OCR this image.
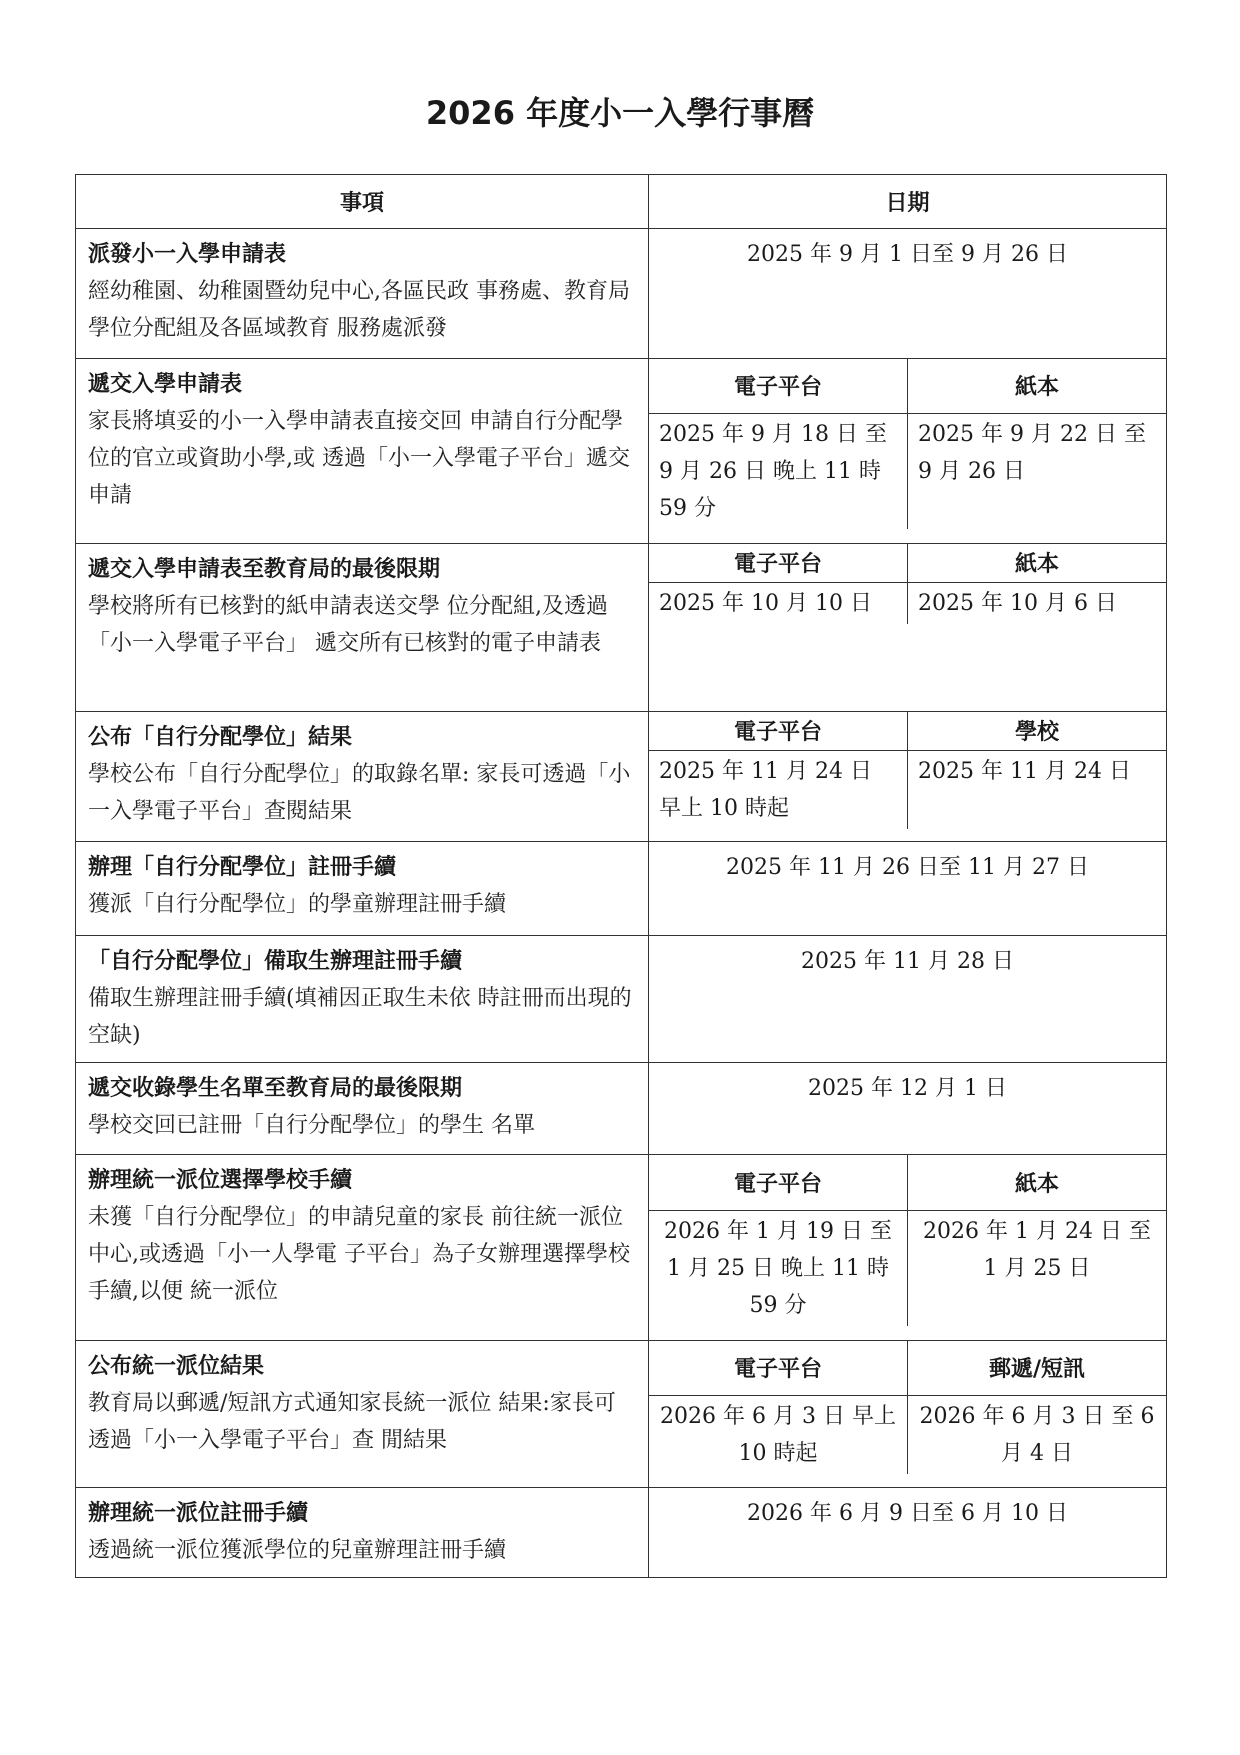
2026 年度小一入學行事曆
事項	日期

派發小一入學申請表
經幼稚園、幼稚園暨幼兒中心,各區民政 事務處、教育局學位分配組及各區域教育 服務處派發
	2025 年 9 月 1 日至 9 月 26 日

遞交入學申請表
家長將填妥的小一入學申請表直接交回 申請自行分配學位的官立或資助小學,或 透過「小一入學電子平台」遞交申請

電子平台	紙本
2025 年 9 月 18 日 至 9 月 26 日 晚上 11 時 59 分	2025 年 9 月 22 日 至 9 月 26 日

遞交入學申請表至教育局的最後限期
學校將所有已核對的紙申請表送交學 位分配組,及透過「小一入學電子平台」 遞交所有已核對的電子申請表

電子平台	紙本
2025 年 10 月 10 日	2025 年 10 月 6 日

公布「自行分配學位」結果
學校公布「自行分配學位」的取錄名單: 家長可透過「小一入學電子平台」查閱結果

電子平台	學校
2025 年 11 月 24 日 早上 10 時起	2025 年 11 月 24 日

辦理「自行分配學位」註冊手續
獲派「自行分配學位」的學童辦理註冊手續
	2025 年 11 月 26 日至 11 月 27 日

「自行分配學位」備取生辦理註冊手續
備取生辦理註冊手續(填補因正取生未依 時註冊而出現的空缺)
	2025 年 11 月 28 日

遞交收錄學生名單至教育局的最後限期
學校交回已註冊「自行分配學位」的學生 名單
	2025 年 12 月 1 日

辦理統一派位選擇學校手續
未獲「自行分配學位」的申請兒童的家長 前往統一派位中心,或透過「小一人學電 子平台」為子女辦理選擇學校手續,以便 統一派位

電子平台	紙本
2026 年 1 月 19 日 至 1 月 25 日 晚上 11 時 59 分	2026 年 1 月 24 日 至 1 月 25 日

公布統一派位結果
教育局以郵遞/短訊方式通知家長統一派位 結果:家長可透過「小一入學電子平台」查 閒結果

電子平台	郵遞/短訊
2026 年 6 月 3 日 早上 10 時起	2026 年 6 月 3 日 至 6 月 4 日

辦理統一派位註冊手續
透過統一派位獲派學位的兒童辦理註冊手續
	2026 年 6 月 9 日至 6 月 10 日
